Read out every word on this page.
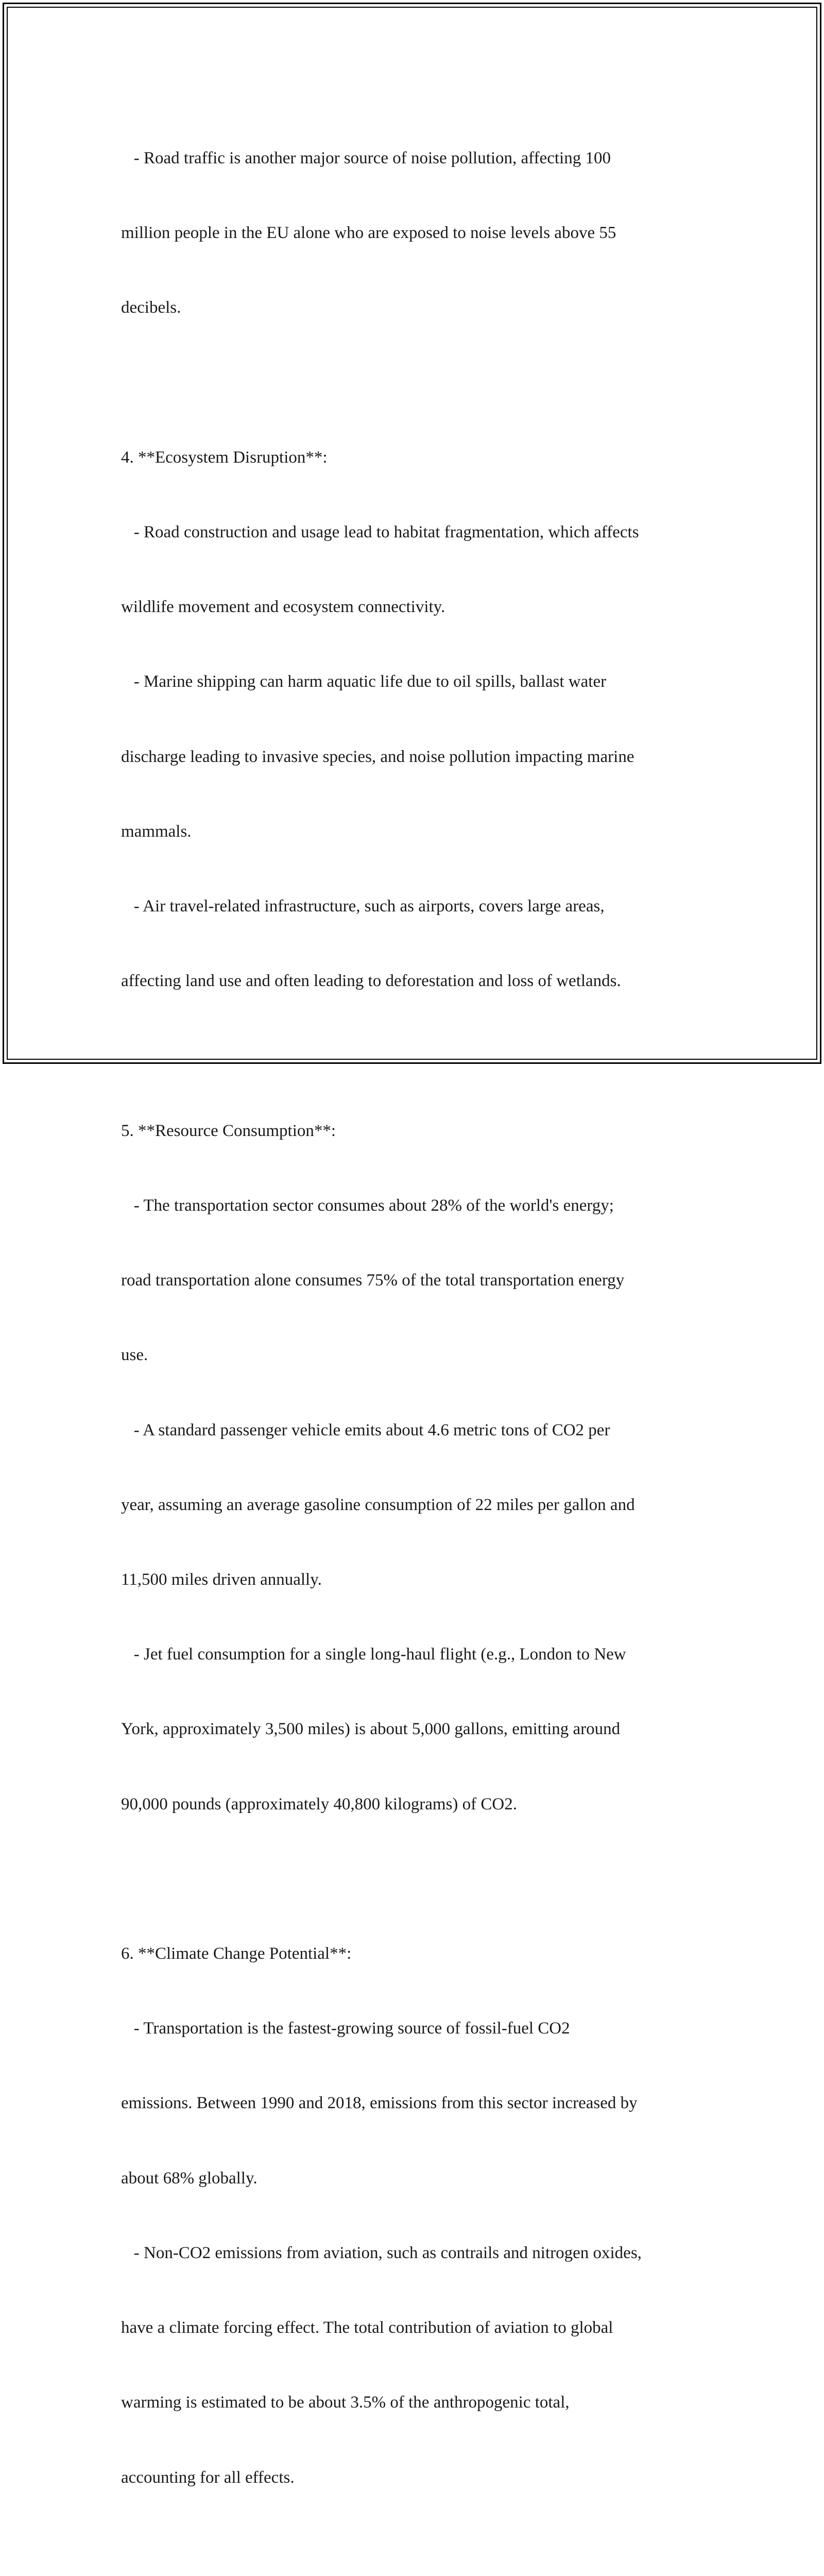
- Road traffic is another major source of noise pollution, affecting 100

million people in the EU alone who are exposed to noise levels above 55

decibels.

4. **Ecosystem Disruption**:

- Road construction and usage lead to habitat fragmentation, which affects

wildlife movement and ecosystem connectivity.

- Marine shipping can harm aquatic life due to oil spills, ballast water

discharge leading to invasive species, and noise pollution impacting marine

mammals.

- Air travel-related infrastructure, such as airports, covers large areas,

affecting land use and often leading to deforestation and loss of wetlands.

5. **Resource Consumption**:

- The transportation sector consumes about 28% of the world's energy;

road transportation alone consumes 75% of the total transportation energy

use.

- A standard passenger vehicle emits about 4.6 metric tons of CO2 per

year, assuming an average gasoline consumption of 22 miles per gallon and

11,500 miles driven annually.

- Jet fuel consumption for a single long-haul flight (e.g., London to New

York, approximately 3,500 miles) is about 5,000 gallons, emitting around

90,000 pounds (approximately 40,800 kilograms) of CO2.

6. **Climate Change Potential**:

- Transportation is the fastest-growing source of fossil-fuel CO2

emissions. Between 1990 and 2018, emissions from this sector increased by

about 68% globally.

- Non-CO2 emissions from aviation, such as contrails and nitrogen oxides,

have a climate forcing effect. The total contribution of aviation to global

warming is estimated to be about 3.5% of the anthropogenic total,

accounting for all effects.
